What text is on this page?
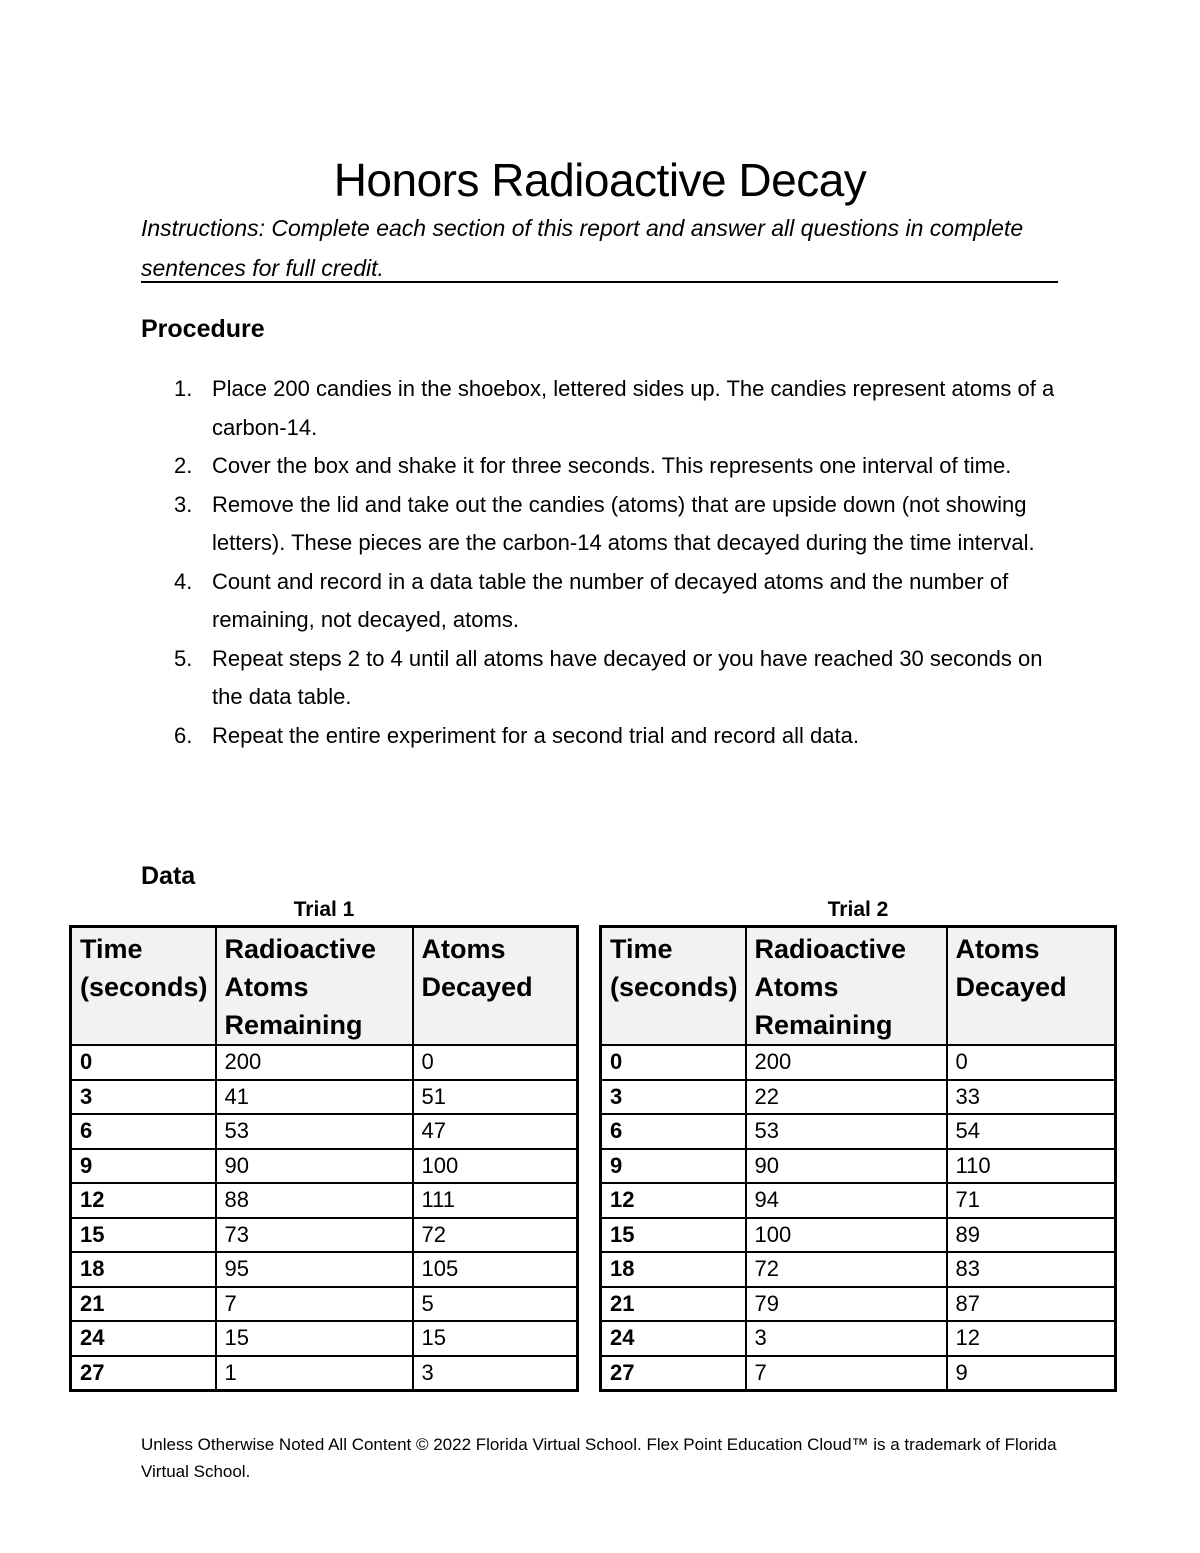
Honors Radioactive Decay
Instructions: Complete each section of this report and answer all questions in complete sentences for full credit.
Procedure
1. Place 200 candies in the shoebox, lettered sides up. The candies represent atoms of a carbon-14.
2. Cover the box and shake it for three seconds. This represents one interval of time.
3. Remove the lid and take out the candies (atoms) that are upside down (not showing letters). These pieces are the carbon-14 atoms that decayed during the time interval.
4. Count and record in a data table the number of decayed atoms and the number of remaining, not decayed, atoms.
5. Repeat steps 2 to 4 until all atoms have decayed or you have reached 30 seconds on the data table.
6. Repeat the entire experiment for a second trial and record all data.
Data
Trial 1	Trial 2
Time (seconds)	Radioactive Atoms Remaining	Atoms Decayed
0	200	0
3	41	51
6	53	47
9	90	100
12	88	111
15	73	72
18	95	105
21	7	5
24	15	15
27	1	3
Time (seconds)	Radioactive Atoms Remaining	Atoms Decayed
0	200	0
3	22	33
6	53	54
9	90	110
12	94	71
15	100	89
18	72	83
21	79	87
24	3	12
27	7	9
Unless Otherwise Noted All Content © 2022 Florida Virtual School. Flex Point Education Cloud™ is a trademark of Florida Virtual School.
